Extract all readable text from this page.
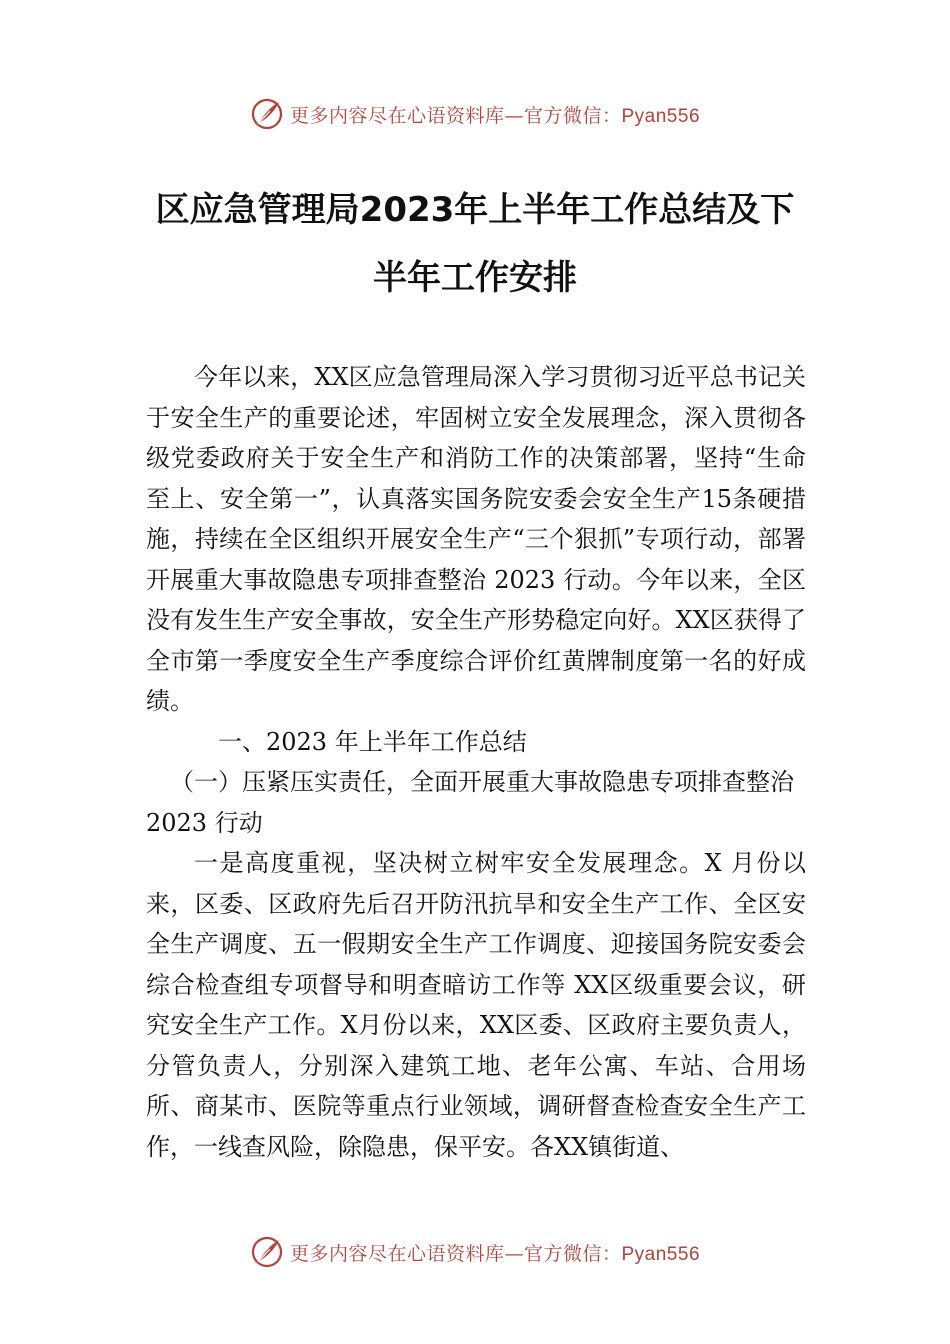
更多内容尽在心语资料库—官方微信：Pyan556
区应急管理局2023年上半年工作总结及下
半年工作安排

今年以来，XX区应急管理局深入学习贯彻习近平总书记关于安全生产的重要论述，牢固树立安全发展理念，深入贯彻各级党委政府关于安全生产和消防工作的决策部署，坚持“生命至上、安全第一”，认真落实国务院安委会安全生产15条硬措施，持续在全区组织开展安全生产“三个狠抓”专项行动，部署开展重大事故隐患专项排查整治 2023 行动。今年以来，全区没有发生生产安全事故，安全生产形势稳定向好。XX区获得了全市第一季度安全生产季度综合评价红黄牌制度第一名的好成绩。

一、2023 年上半年工作总结

（一）压紧压实责任，全面开展重大事故隐患专项排查整治 2023 行动

一是高度重视，坚决树立树牢安全发展理念。X 月份以来，区委、区政府先后召开防汛抗旱和安全生产工作、全区安全生产调度、五一假期安全生产工作调度、迎接国务院安委会综合检查组专项督导和明查暗访工作等 XX区级重要会议，研究安全生产工作。X月份以来，XX区委、区政府主要负责人，分管负责人，分别深入建筑工地、老年公寓、车站、合用场所、商某市、医院等重点行业领域，调研督查检查安全生产工作，一线查风险，除隐患，保平安。各XX镇街道、

更多内容尽在心语资料库—官方微信：Pyan556
